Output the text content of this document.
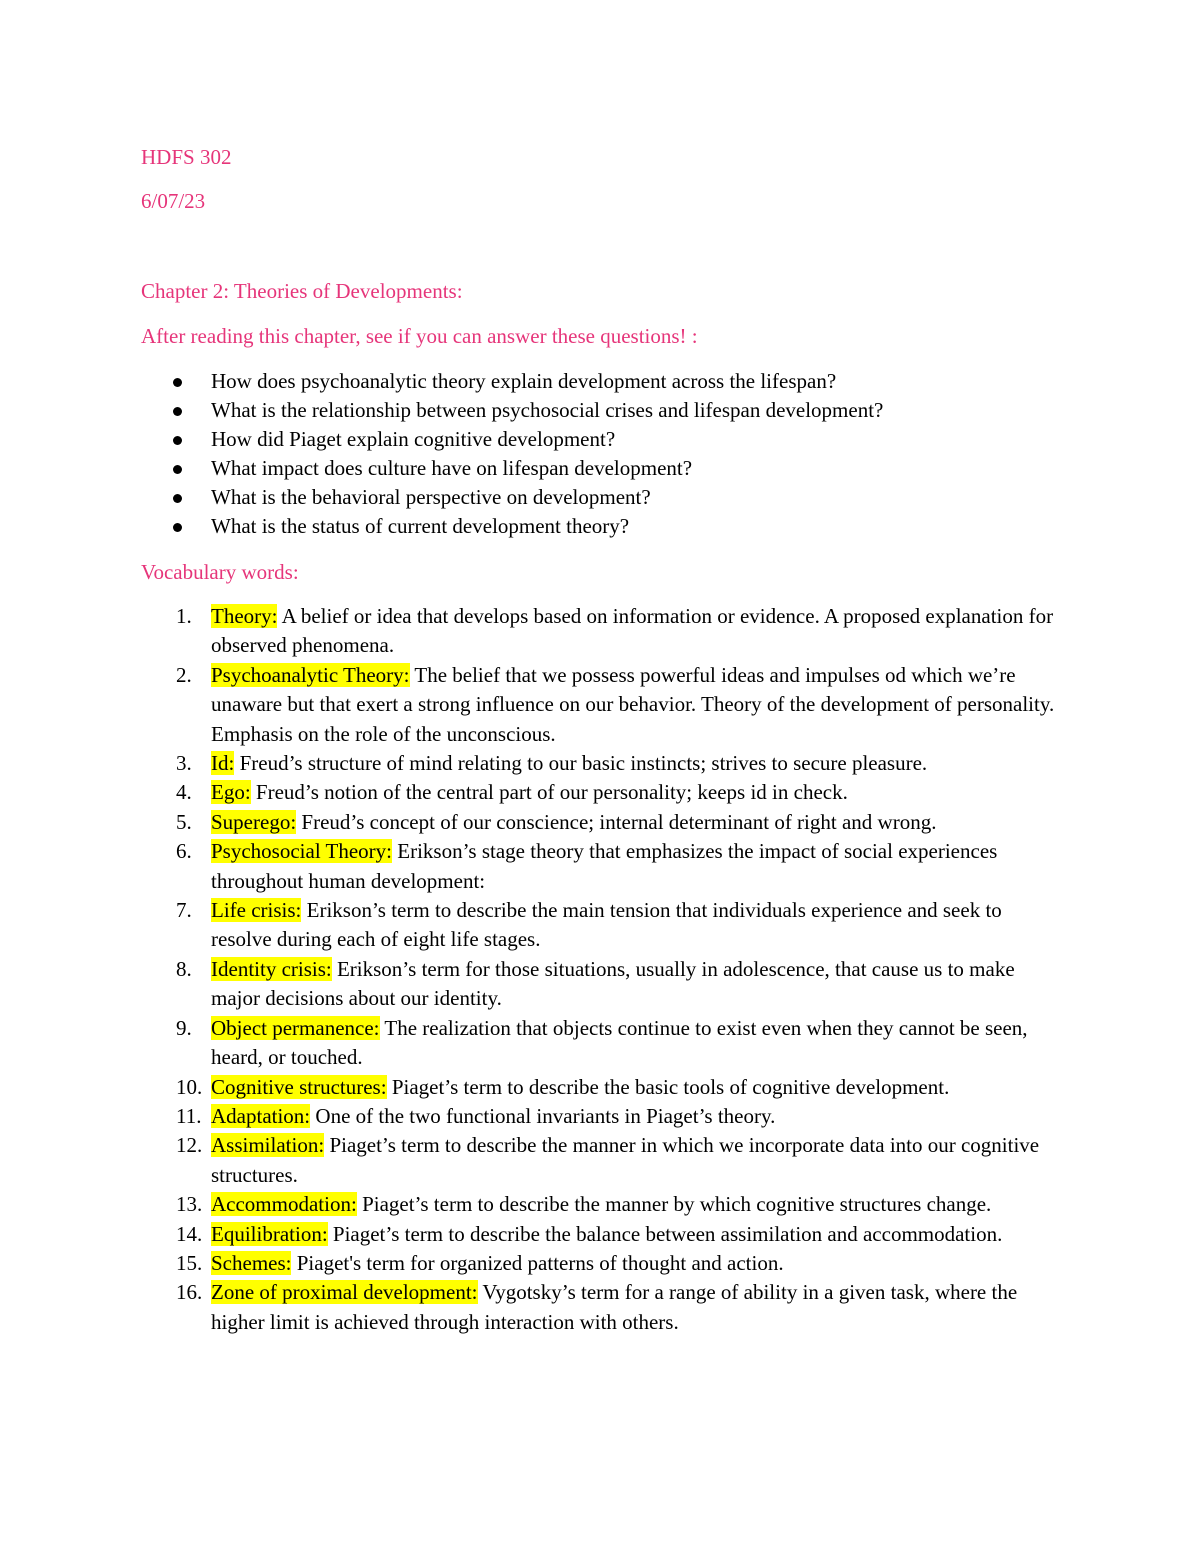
HDFS 302
6/07/23
Chapter 2: Theories of Developments:
After reading this chapter, see if you can answer these questions! :
How does psychoanalytic theory explain development across the lifespan?
What is the relationship between psychosocial crises and lifespan development?
How did Piaget explain cognitive development?
What impact does culture have on lifespan development?
What is the behavioral perspective on development?
What is the status of current development theory?
Vocabulary words:
1. Theory: A belief or idea that develops based on information or evidence. A proposed explanation for observed phenomena.
2. Psychoanalytic Theory: The belief that we possess powerful ideas and impulses od which we’re unaware but that exert a strong influence on our behavior. Theory of the development of personality. Emphasis on the role of the unconscious.
3. Id: Freud’s structure of mind relating to our basic instincts; strives to secure pleasure.
4. Ego: Freud’s notion of the central part of our personality; keeps id in check.
5. Superego: Freud’s concept of our conscience; internal determinant of right and wrong.
6. Psychosocial Theory: Erikson’s stage theory that emphasizes the impact of social experiences throughout human development:
7. Life crisis: Erikson’s term to describe the main tension that individuals experience and seek to resolve during each of eight life stages.
8. Identity crisis: Erikson’s term for those situations, usually in adolescence, that cause us to make major decisions about our identity.
9. Object permanence: The realization that objects continue to exist even when they cannot be seen, heard, or touched.
10. Cognitive structures: Piaget’s term to describe the basic tools of cognitive development.
11. Adaptation: One of the two functional invariants in Piaget’s theory.
12. Assimilation: Piaget’s term to describe the manner in which we incorporate data into our cognitive structures.
13. Accommodation: Piaget’s term to describe the manner by which cognitive structures change.
14. Equilibration: Piaget’s term to describe the balance between assimilation and accommodation.
15. Schemes: Piaget's term for organized patterns of thought and action.
16. Zone of proximal development: Vygotsky’s term for a range of ability in a given task, where the higher limit is achieved through interaction with others.
